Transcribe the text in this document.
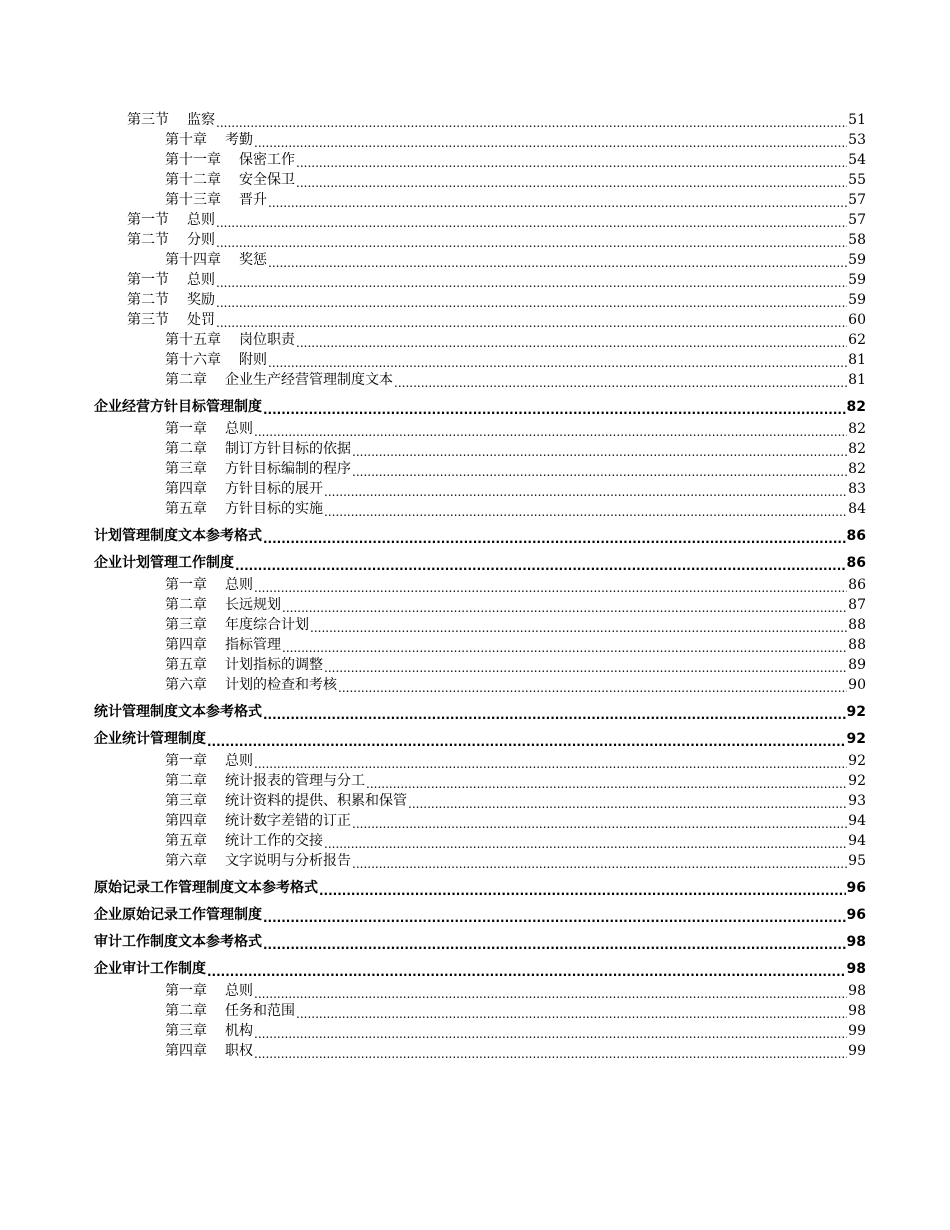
第三节 监察 .....	51
第十章 考勤 .....	53
第十一章 保密工作 .....	54
第十二章 安全保卫 .....	55
第十三章 晋升 .....	57
第一节 总则 .....	57
第二节 分则 .....	58
第十四章 奖惩 .....	59
第一节 总则 .....	59
第二节 奖励 .....	59
第三节 处罚 .....	60
第十五章 岗位职责 .....	62
第十六章 附则 .....	81
第二章 企业生产经营管理制度文本 .....	81
企业经营方针目标管理制度 .....	82
第一章 总则 .....	82
第二章 制订方针目标的依据 .....	82
第三章 方针目标编制的程序 .....	82
第四章 方针目标的展开 .....	83
第五章 方针目标的实施 .....	84
计划管理制度文本参考格式 .....	86
企业计划管理工作制度 .....	86
第一章 总则 .....	86
第二章 长远规划 .....	87
第三章 年度综合计划 .....	88
第四章 指标管理 .....	88
第五章 计划指标的调整 .....	89
第六章 计划的检查和考核 .....	90
统计管理制度文本参考格式 .....	92
企业统计管理制度 .....	92
第一章 总则 .....	92
第二章 统计报表的管理与分工 .....	92
第三章 统计资料的提供、积累和保管 .....	93
第四章 统计数字差错的订正 .....	94
第五章 统计工作的交接 .....	94
第六章 文字说明与分析报告 .....	95
原始记录工作管理制度文本参考格式 .....	96
企业原始记录工作管理制度 .....	96
审计工作制度文本参考格式 .....	98
企业审计工作制度 .....	98
第一章 总则 .....	98
第二章 任务和范围 .....	98
第三章 机构 .....	99
第四章 职权 .....	99
